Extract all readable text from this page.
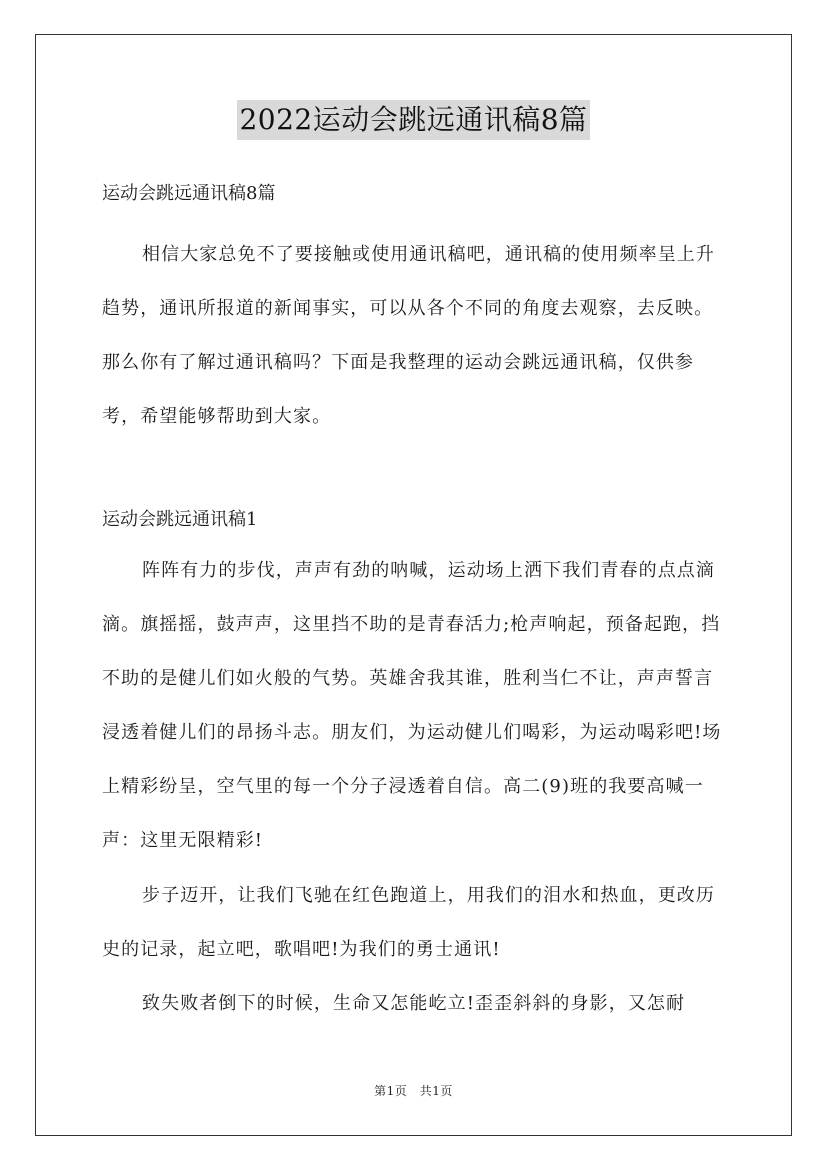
2022运动会跳远通讯稿8篇
运动会跳远通讯稿8篇
相信大家总免不了要接触或使用通讯稿吧，通讯稿的使用频率呈上升趋势，通讯所报道的新闻事实，可以从各个不同的角度去观察，去反映。那么你有了解过通讯稿吗？下面是我整理的运动会跳远通讯稿，仅供参考，希望能够帮助到大家。
运动会跳远通讯稿1
阵阵有力的步伐，声声有劲的呐喊，运动场上洒下我们青春的点点滴滴。旗摇摇，鼓声声，这里挡不助的是青春活力;枪声响起，预备起跑，挡不助的是健儿们如火般的气势。英雄舍我其谁，胜利当仁不让，声声誓言浸透着健儿们的昂扬斗志。朋友们，为运动健儿们喝彩，为运动喝彩吧!场上精彩纷呈，空气里的每一个分子浸透着自信。高二(9)班的我要高喊一声：这里无限精彩!
步子迈开，让我们飞驰在红色跑道上，用我们的泪水和热血，更改历史的记录，起立吧，歌唱吧!为我们的勇士通讯!
致失败者倒下的时候，生命又怎能屹立!歪歪斜斜的身影，又怎耐
第1页　共1页
